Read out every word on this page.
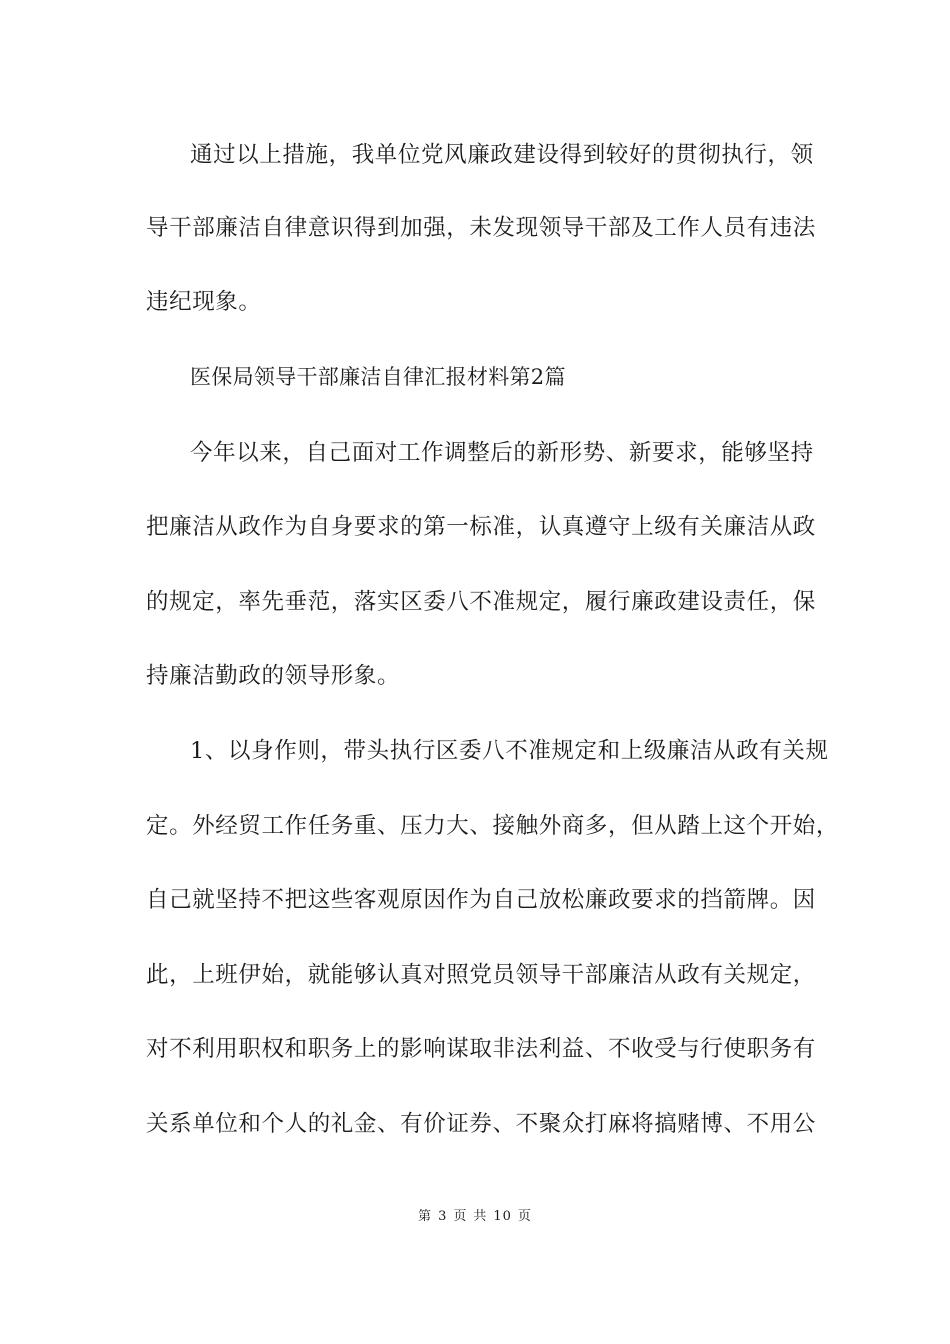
通过以上措施，我单位党风廉政建设得到较好的贯彻执行，领
导干部廉洁自律意识得到加强，未发现领导干部及工作人员有违法
违纪现象。
医保局领导干部廉洁自律汇报材料第2篇
今年以来，自己面对工作调整后的新形势、新要求，能够坚持
把廉洁从政作为自身要求的第一标准，认真遵守上级有关廉洁从政
的规定，率先垂范，落实区委八不准规定，履行廉政建设责任，保
持廉洁勤政的领导形象。
1、以身作则，带头执行区委八不准规定和上级廉洁从政有关规
定。外经贸工作任务重、压力大、接触外商多，但从踏上这个开始，
自己就坚持不把这些客观原因作为自己放松廉政要求的挡箭牌。因
此，上班伊始，就能够认真对照党员领导干部廉洁从政有关规定，
对不利用职权和职务上的影响谋取非法利益、不收受与行使职务有
关系单位和个人的礼金、有价证券、不聚众打麻将搞赌博、不用公
第 3 页 共 10 页
